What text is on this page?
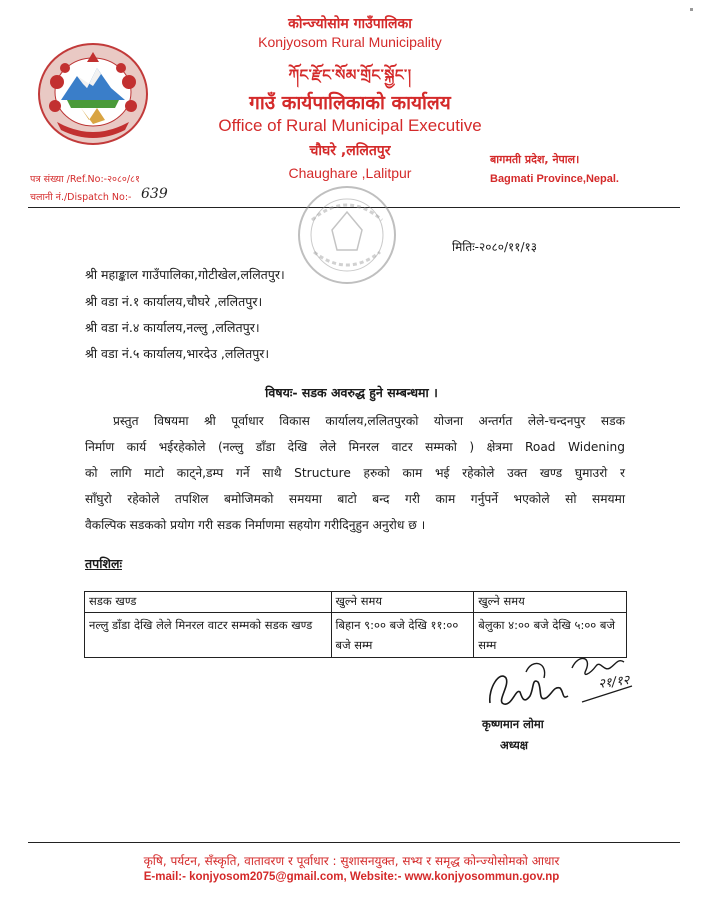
कोन्ज्योसोम गाउँपालिका
Konjyosom Rural Municipality
ཀོང་རྫོང་སོམ་གྲོང་སྐྱོང་།
गाउँ कार्यपालिकाको कार्यालय
Office of Rural Municipal Executive
चौघरे ,ललितपुर
Chaughare ,Lalitpur
पत्र संख्या /Ref.No:-२०८०/८१
चलानी नं./Dispatch No:- 639
बागमती प्रदेश, नेपाल।
Bagmati Province,Nepal.
मितिः-२०८०/११/१३
श्री महाङ्काल गाउँपालिका,गोटीखेल,ललितपुर।
श्री वडा नं.१ कार्यालय,चौघरे ,ललितपुर।
श्री वडा नं.४ कार्यालय,नल्लु ,ललितपुर।
श्री वडा नं.५ कार्यालय,भारदेउ ,ललितपुर।
विषयः- सडक अवरुद्ध हुने सम्बन्धमा ।
प्रस्तुत विषयमा श्री पूर्वाधार विकास कार्यालय,ललितपुरको योजना अन्तर्गत लेले-चन्दनपुर सडक
निर्माण कार्य भईरहेकोले (नल्लु डाँडा देखि लेले मिनरल वाटर सम्मको ) क्षेत्रमा Road Widening
को लागि माटो काट्ने,डम्प गर्ने साथै Structure हरुको काम भई रहेकोले उक्त खण्ड घुमाउरो र
साँघुरो रहेकोले तपशिल बमोजिमको समयमा बाटो बन्द गरी काम गर्नुपर्ने भएकोले सो समयमा
वैकल्पिक सडकको प्रयोग गरी सडक निर्माणमा सहयोग गरीदिनुहुन अनुरोध छ ।
तपशिलः
सडक खण्ड	खुल्ने समय	खुल्ने समय
नल्लु डाँडा देखि लेले मिनरल वाटर सम्मको सडक खण्ड	बिहान ९:०० बजे देखि ११:०० बजे सम्म	बेलुका ४:०० बजे देखि ५:०० बजे सम्म
२१/१२
कृष्णमान लोमा
अध्यक्ष
कृषि, पर्यटन, सँस्कृति, वातावरण र पूर्वाधार : सुशासनयुक्त, सभ्य र समृद्ध कोन्ज्योसोमको आधार
E-mail:- konjyosom2075@gmail.com, Website:- www.konjyosommun.gov.np
